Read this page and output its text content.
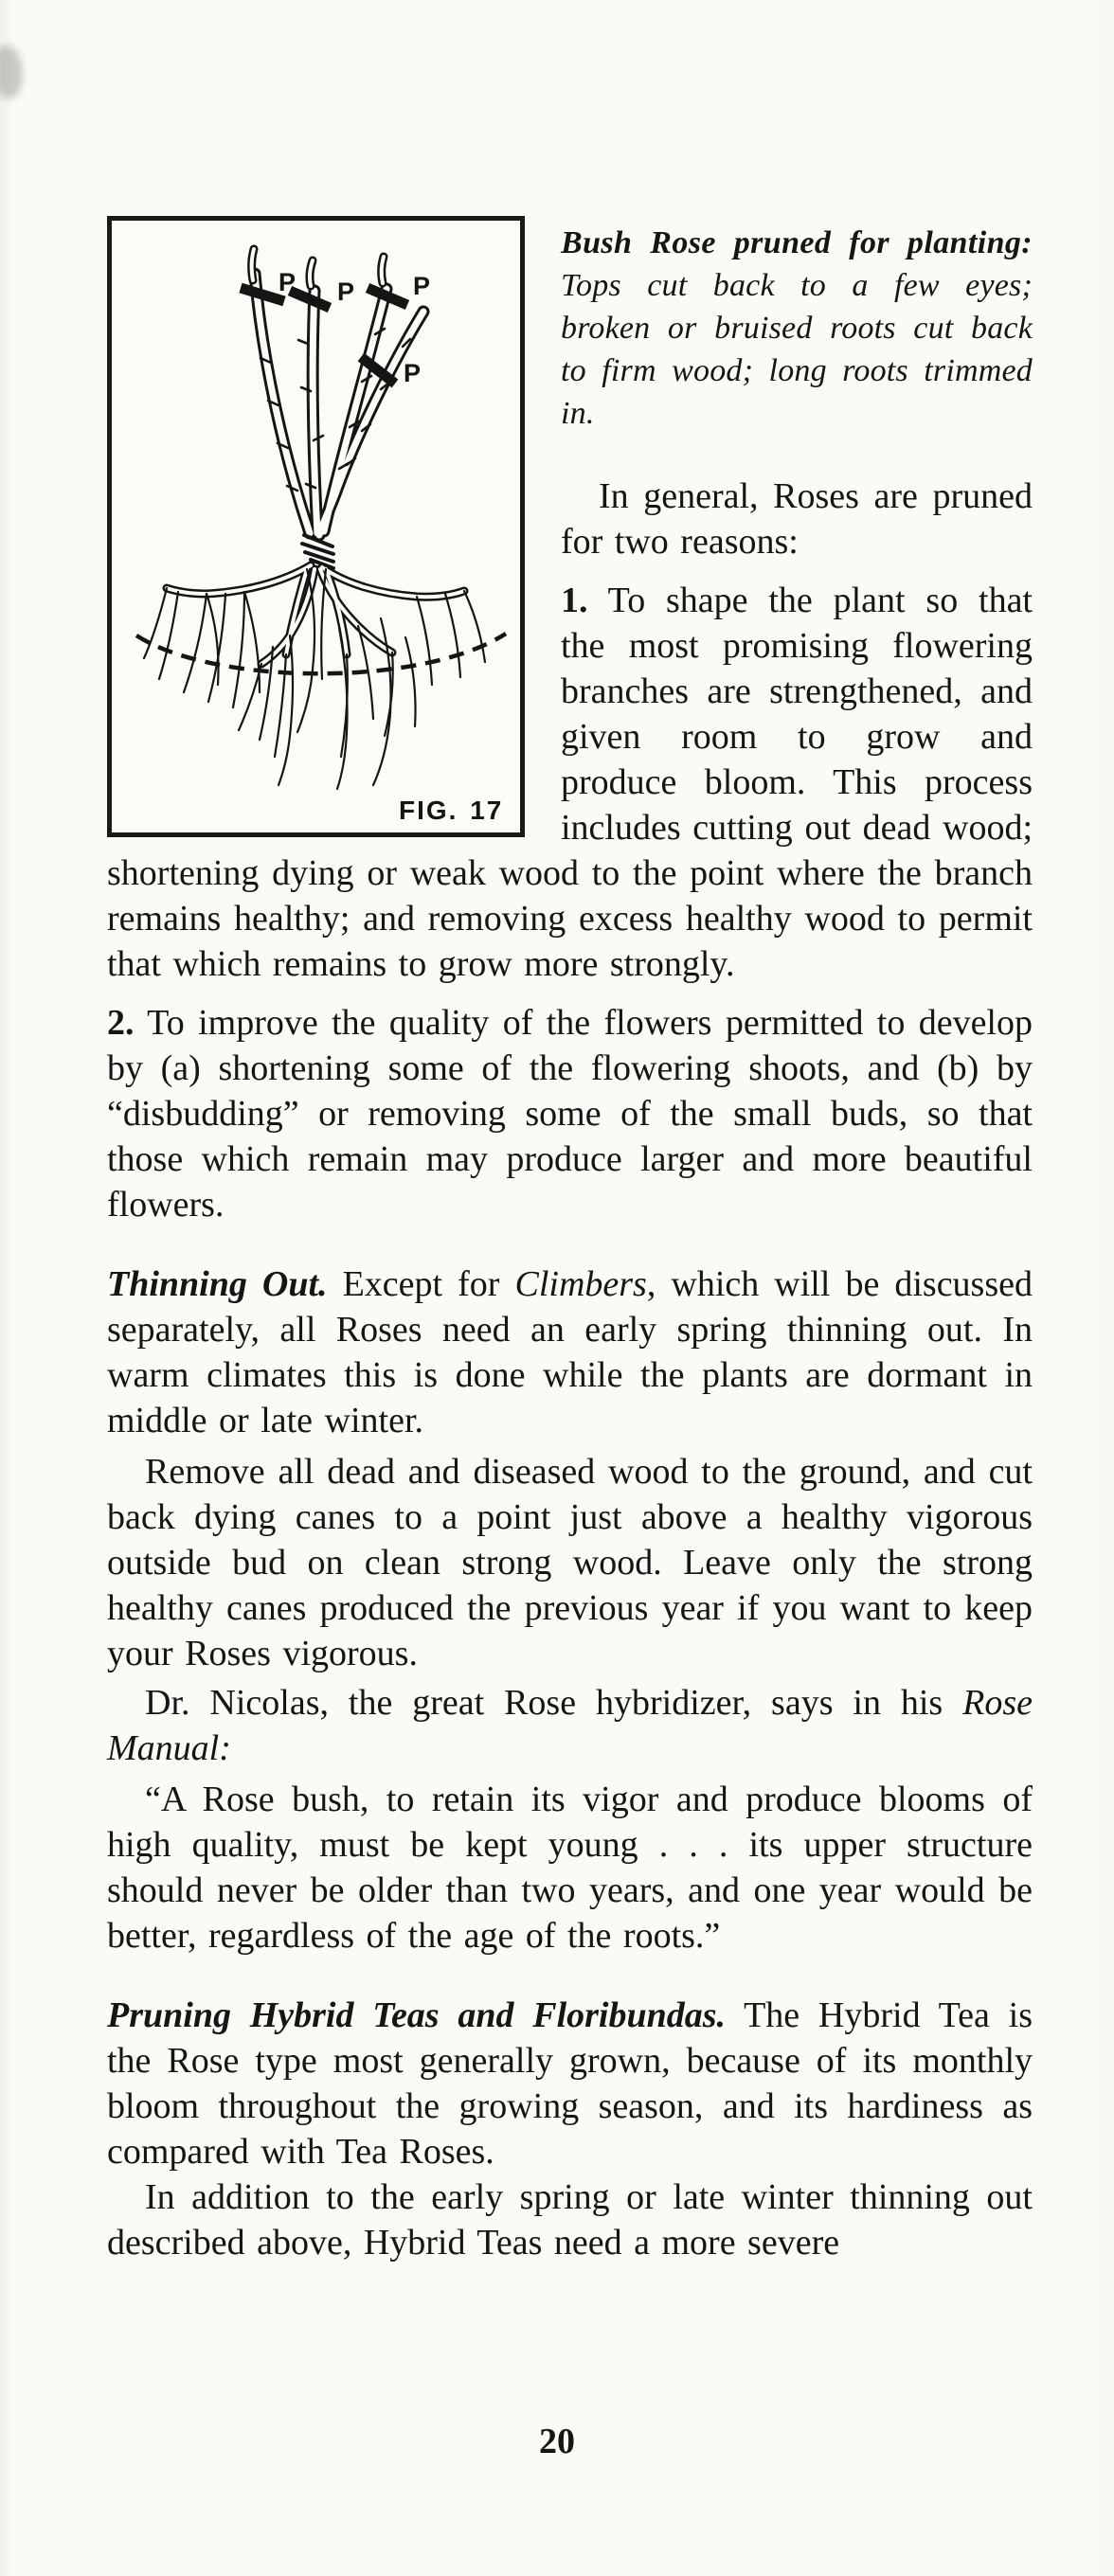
P P P
P
FIG. 17

Bush Rose pruned for planting: Tops cut back to a few eyes; broken or bruised roots cut back to firm wood; long roots trimmed in.

In general, Roses are pruned for two reasons:

1. To shape the plant so that the most promising flowering branches are strengthened, and given room to grow and produce bloom. This process includes cutting out dead wood; shortening dying or weak wood to the point where the branch remains healthy; and removing excess healthy wood to permit that which remains to grow more strongly.

2. To improve the quality of the flowers permitted to develop by (a) shortening some of the flowering shoots, and (b) by “disbudding” or removing some of the small buds, so that those which remain may produce larger and more beautiful flowers.

Thinning Out. Except for Climbers, which will be discussed separately, all Roses need an early spring thinning out. In warm climates this is done while the plants are dormant in middle or late winter.

Remove all dead and diseased wood to the ground, and cut back dying canes to a point just above a healthy vigorous outside bud on clean strong wood. Leave only the strong healthy canes produced the previous year if you want to keep your Roses vigorous.

Dr. Nicolas, the great Rose hybridizer, says in his Rose Manual:

“A Rose bush, to retain its vigor and produce blooms of high quality, must be kept young . . . its upper structure should never be older than two years, and one year would be better, regardless of the age of the roots.”

Pruning Hybrid Teas and Floribundas. The Hybrid Tea is the Rose type most generally grown, because of its monthly bloom throughout the growing season, and its hardiness as compared with Tea Roses.

In addition to the early spring or late winter thinning out described above, Hybrid Teas need a more severe

20
